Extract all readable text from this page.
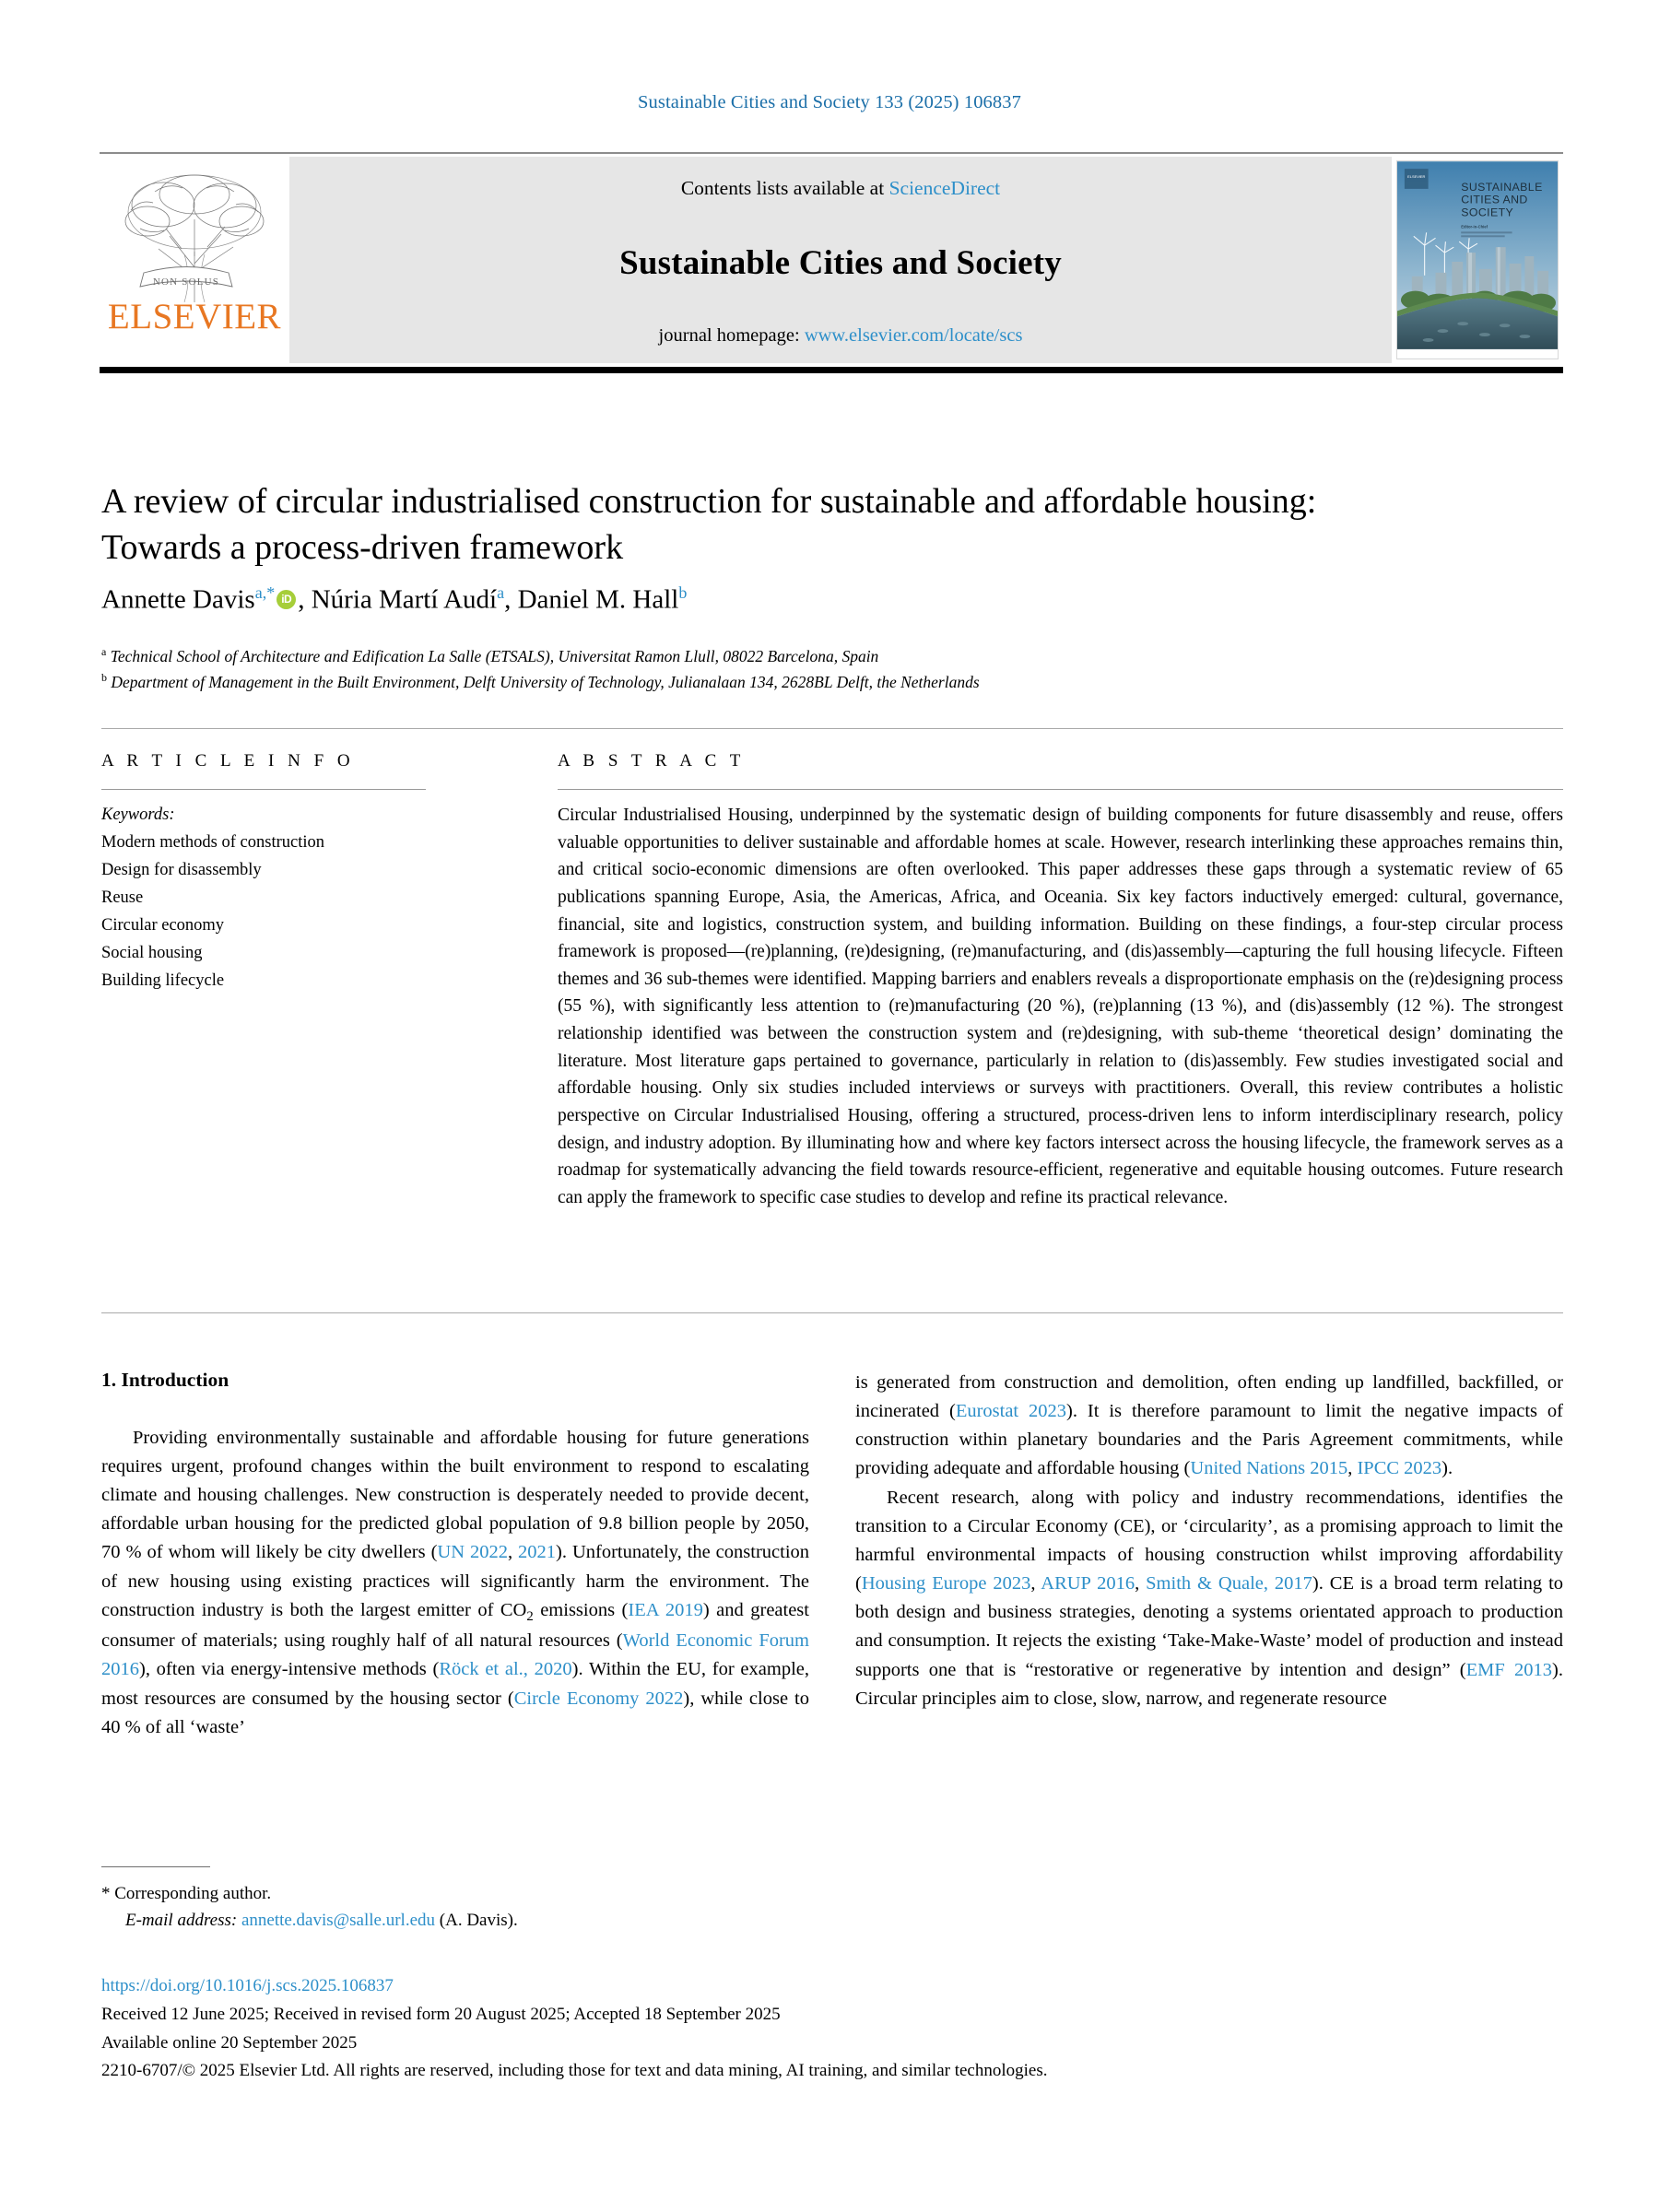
Sustainable Cities and Society 133 (2025) 106837
NON SOLUS
ELSEVIER
Contents lists available at ScienceDirect
Sustainable Cities and Society
journal homepage: www.elsevier.com/locate/scs
ELSEVIER
SUSTAINABLE
CITIES AND
SOCIETY
Editor-in-Chief
A review of circular industrialised construction for sustainable and affordable housing: Towards a process-driven framework
Annette Davis$^{a,*}$ iD , Núria Martí Audí$^a$, Daniel M. Hall$^b$
$^a$ Technical School of Architecture and Edification La Salle (ETSALS), Universitat Ramon Llull, 08022 Barcelona, Spain
$^b$ Department of Management in the Built Environment, Delft University of Technology, Julianalaan 134, 2628BL Delft, the Netherlands
A R T I C L E I N F O
Keywords:
Modern methods of construction
Design for disassembly
Reuse
Circular economy
Social housing
Building lifecycle
A B S T R A C T
Circular Industrialised Housing, underpinned by the systematic design of building components for future disassembly and reuse, offers valuable opportunities to deliver sustainable and affordable homes at scale. However, research interlinking these approaches remains thin, and critical socio-economic dimensions are often overlooked. This paper addresses these gaps through a systematic review of 65 publications spanning Europe, Asia, the Americas, Africa, and Oceania. Six key factors inductively emerged: cultural, governance, financial, site and logistics, construction system, and building information. Building on these findings, a four-step circular process framework is proposed—(re)planning, (re)designing, (re)manufacturing, and (dis)assembly—capturing the full housing lifecycle. Fifteen themes and 36 sub-themes were identified. Mapping barriers and enablers reveals a disproportionate emphasis on the (re)designing process (55 %), with significantly less attention to (re)manufacturing (20 %), (re)planning (13 %), and (dis)assembly (12 %). The strongest relationship identified was between the construction system and (re)designing, with sub-theme ‘theoretical design’ dominating the literature. Most literature gaps pertained to governance, particularly in relation to (dis)assembly. Few studies investigated social and affordable housing. Only six studies included interviews or surveys with practitioners. Overall, this review contributes a holistic perspective on Circular Industrialised Housing, offering a structured, process-driven lens to inform interdisciplinary research, policy design, and industry adoption. By illuminating how and where key factors intersect across the housing lifecycle, the framework serves as a roadmap for systematically advancing the field towards resource-efficient, regenerative and equitable housing outcomes. Future research can apply the framework to specific case studies to develop and refine its practical relevance.
1. Introduction

Providing environmentally sustainable and affordable housing for future generations requires urgent, profound changes within the built environment to respond to escalating climate and housing challenges. New construction is desperately needed to provide decent, affordable urban housing for the predicted global population of 9.8 billion people by 2050, 70 % of whom will likely be city dwellers (UN 2022, 2021). Unfortunately, the construction of new housing using existing practices will significantly harm the environment. The construction industry is both the largest emitter of $CO_2$ emissions (IEA 2019) and greatest consumer of materials; using roughly half of all natural resources (World Economic Forum 2016), often via energy-intensive methods (Röck et al., 2020). Within the EU, for example, most resources are consumed by the housing sector (Circle Economy 2022), while close to 40 % of all ‘waste’

is generated from construction and demolition, often ending up landfilled, backfilled, or incinerated (Eurostat 2023). It is therefore paramount to limit the negative impacts of construction within planetary boundaries and the Paris Agreement commitments, while providing adequate and affordable housing (United Nations 2015, IPCC 2023).

Recent research, along with policy and industry recommendations, identifies the transition to a Circular Economy (CE), or ‘circularity’, as a promising approach to limit the harmful environmental impacts of housing construction whilst improving affordability (Housing Europe 2023, ARUP 2016, Smith & Quale, 2017). CE is a broad term relating to both design and business strategies, denoting a systems orientated approach to production and consumption. It rejects the existing ‘Take-Make-Waste’ model of production and instead supports one that is “restorative or regenerative by intention and design” (EMF 2013). Circular principles aim to close, slow, narrow, and regenerate resource

* Corresponding author.
E-mail address: annette.davis@salle.url.edu (A. Davis).
https://doi.org/10.1016/j.scs.2025.106837
Received 12 June 2025; Received in revised form 20 August 2025; Accepted 18 September 2025
Available online 20 September 2025
2210-6707/© 2025 Elsevier Ltd. All rights are reserved, including those for text and data mining, AI training, and similar technologies.
